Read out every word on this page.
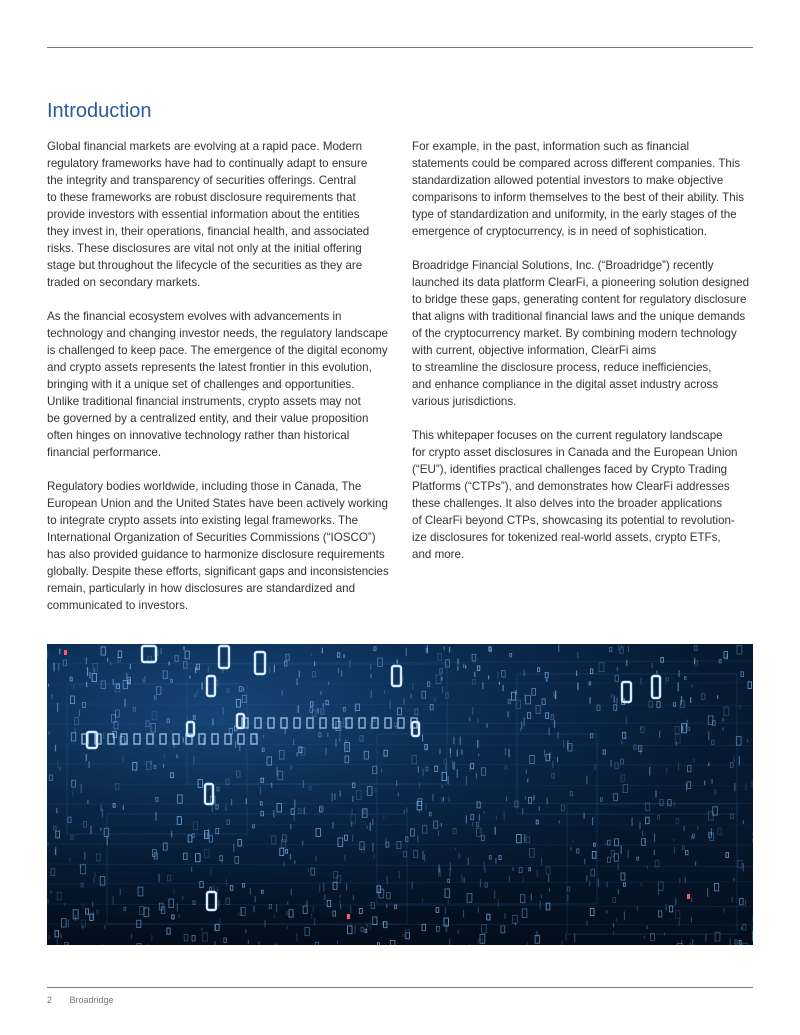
Introduction

Global financial markets are evolving at a rapid pace. Modern
regulatory frameworks have had to continually adapt to ensure
the integrity and transparency of securities offerings. Central
to these frameworks are robust disclosure requirements that
provide investors with essential information about the entities
they invest in, their operations, financial health, and associated
risks. These disclosures are vital not only at the initial offering
stage but throughout the lifecycle of the securities as they are
traded on secondary markets.

As the financial ecosystem evolves with advancements in
technology and changing investor needs, the regulatory landscape
is challenged to keep pace. The emergence of the digital economy
and crypto assets represents the latest frontier in this evolution,
bringing with it a unique set of challenges and opportunities.
Unlike traditional financial instruments, crypto assets may not
be governed by a centralized entity, and their value proposition
often hinges on innovative technology rather than historical
financial performance.

Regulatory bodies worldwide, including those in Canada, The
European Union and the United States have been actively working
to integrate crypto assets into existing legal frameworks. The
International Organization of Securities Commissions (“IOSCO”)
has also provided guidance to harmonize disclosure requirements
globally. Despite these efforts, significant gaps and inconsistencies
remain, particularly in how disclosures are standardized and
communicated to investors.

For example, in the past, information such as financial
statements could be compared across different companies. This
standardization allowed potential investors to make objective
comparisons to inform themselves to the best of their ability. This
type of standardization and uniformity, in the early stages of the
emergence of cryptocurrency, is in need of sophistication.

Broadridge Financial Solutions, Inc. (“Broadridge”) recently
launched its data platform ClearFi, a pioneering solution designed
to bridge these gaps, generating content for regulatory disclosure
that aligns with traditional financial laws and the unique demands
of the cryptocurrency market. By combining modern technology
with current, objective information, ClearFi aims
to streamline the disclosure process, reduce inefficiencies,
and enhance compliance in the digital asset industry across
various jurisdictions.

This whitepaper focuses on the current regulatory landscape
for crypto asset disclosures in Canada and the European Union
(“EU”), identifies practical challenges faced by Crypto Trading
Platforms (“CTPs”), and demonstrates how ClearFi addresses
these challenges. It also delves into the broader applications
of ClearFi beyond CTPs, showcasing its potential to revolution-
ize disclosures for tokenized real-world assets, crypto ETFs,
and more.

2 Broadridge
